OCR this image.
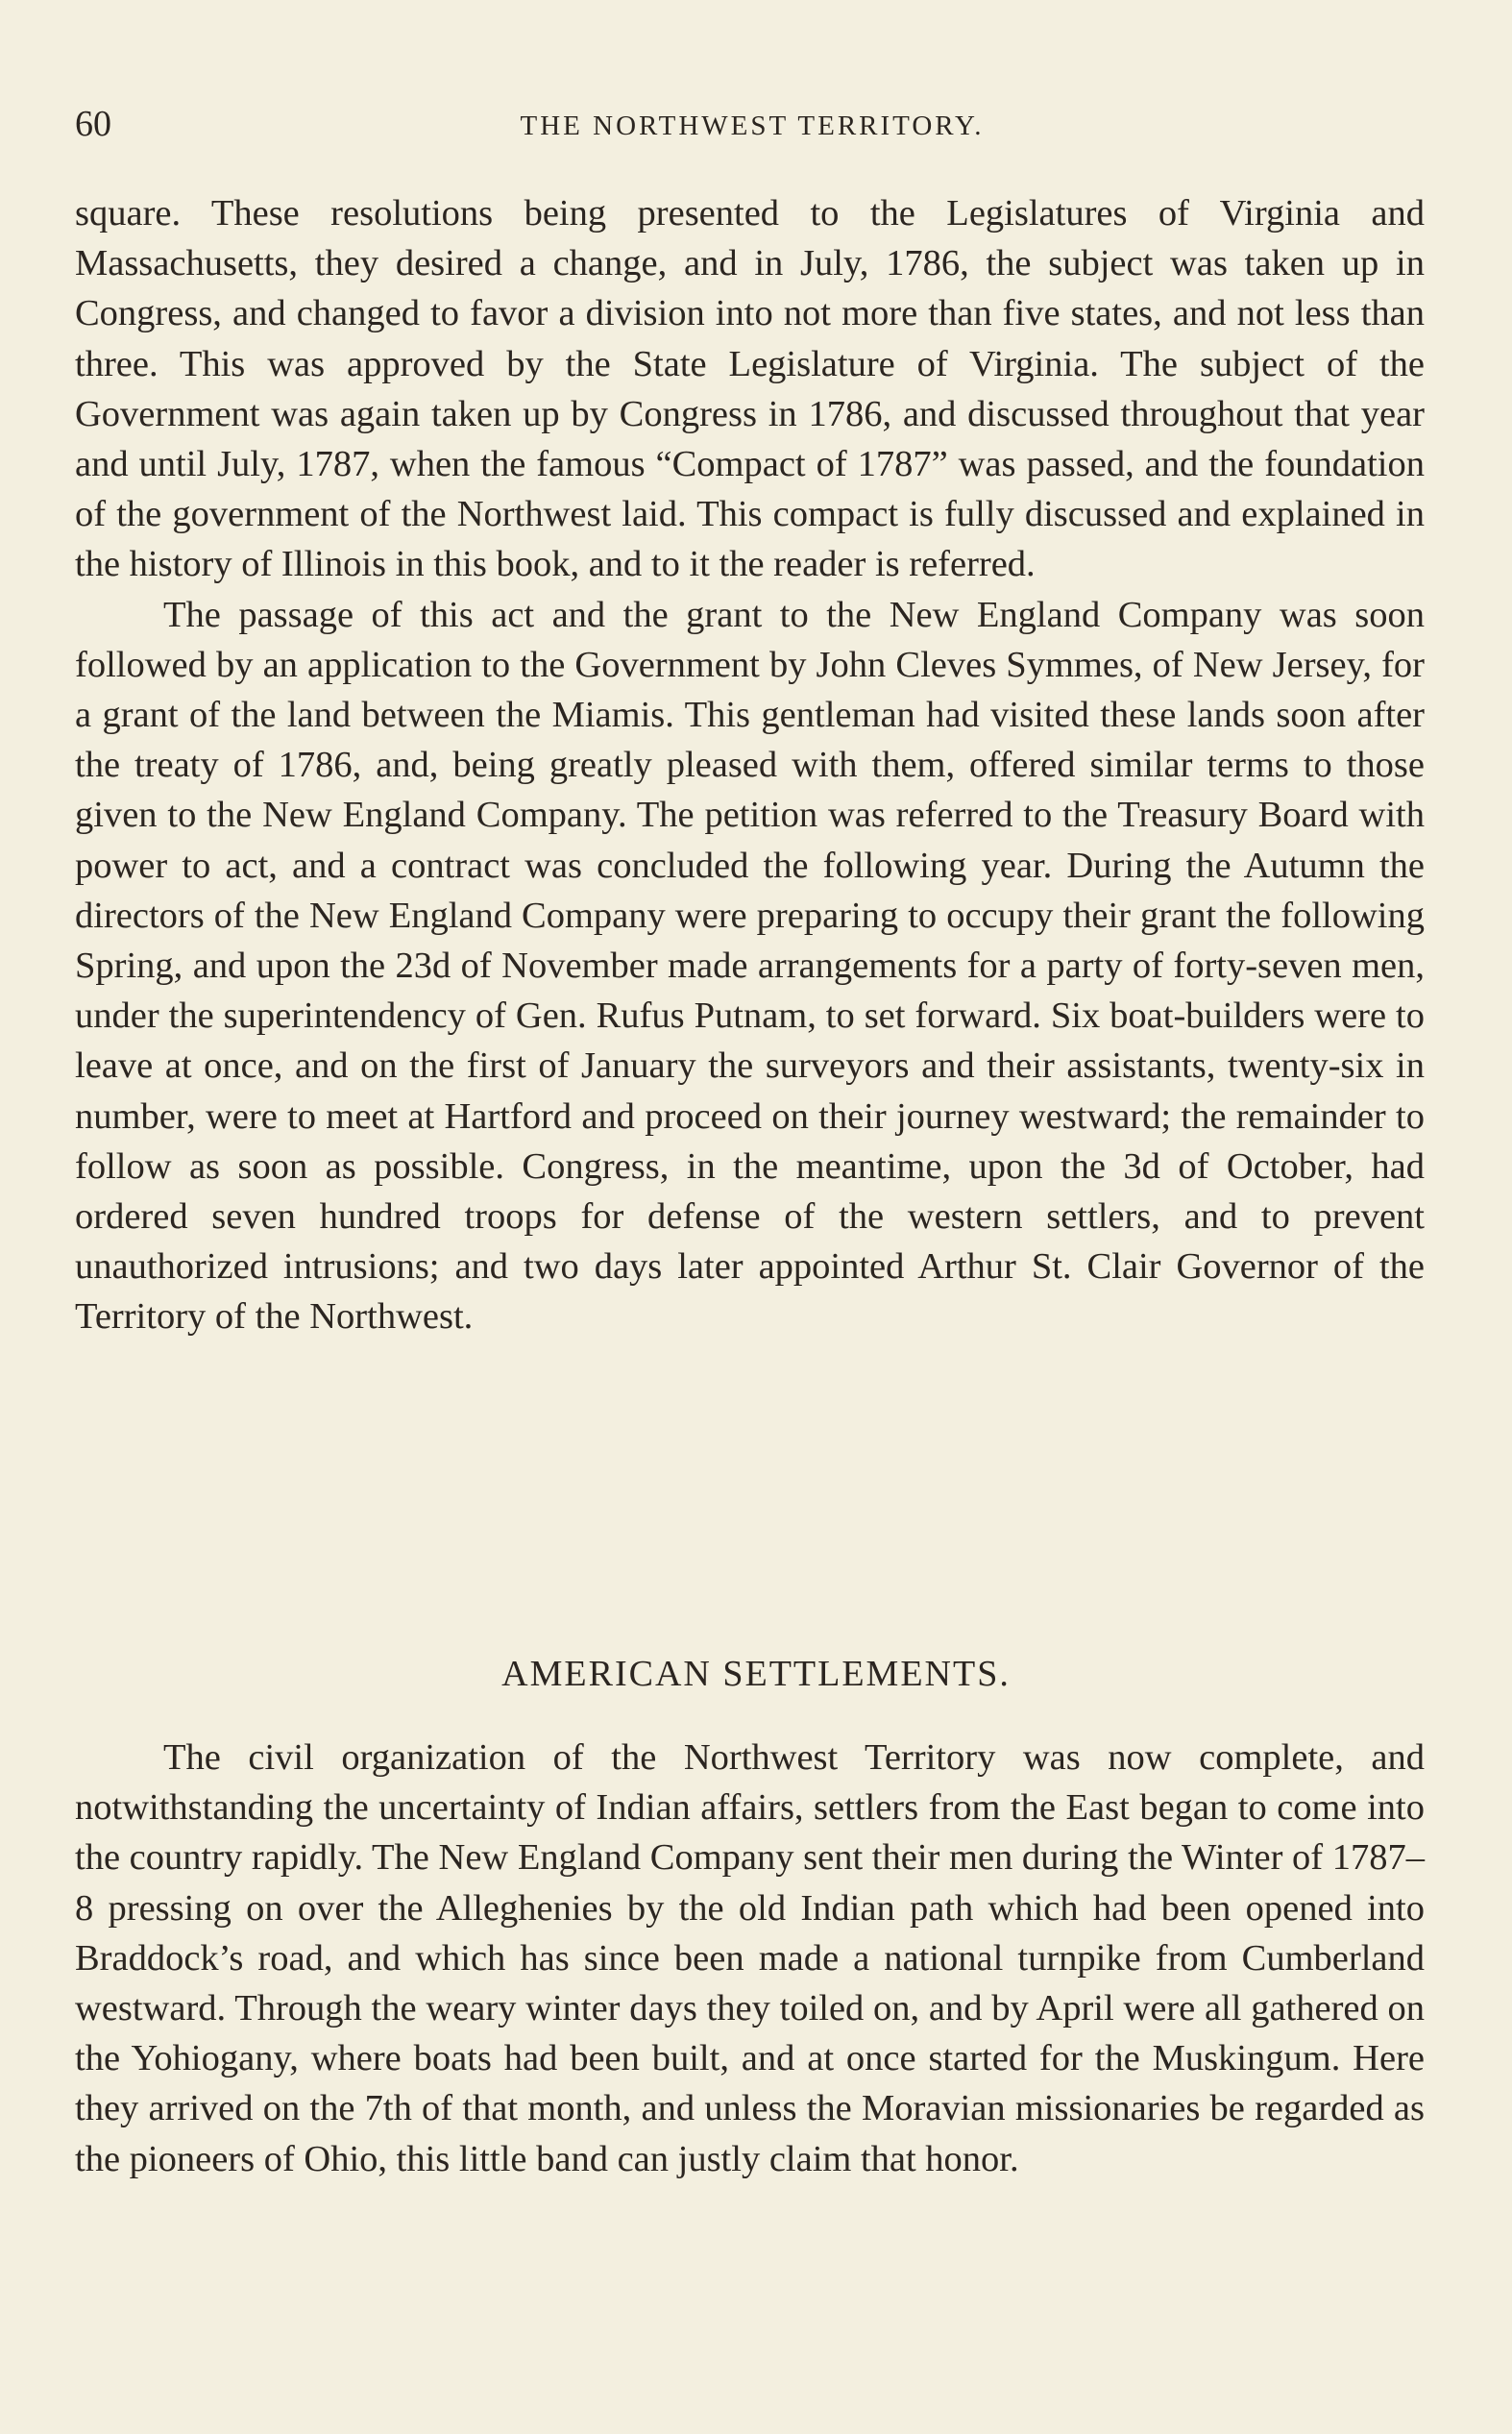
60	THE NORTHWEST TERRITORY.

square. These resolutions being presented to the Legislatures of Virginia and Massachusetts, they desired a change, and in July, 1786, the subject was taken up in Congress, and changed to favor a division into not more than five states, and not less than three. This was approved by the State Legislature of Virginia. The subject of the Government was again taken up by Congress in 1786, and discussed throughout that year and until July, 1787, when the famous “Compact of 1787” was passed, and the foundation of the government of the Northwest laid. This compact is fully discussed and explained in the history of Illinois in this book, and to it the reader is referred.

The passage of this act and the grant to the New England Company was soon followed by an application to the Government by John Cleves Symmes, of New Jersey, for a grant of the land between the Miamis. This gentleman had visited these lands soon after the treaty of 1786, and, being greatly pleased with them, offered similar terms to those given to the New England Company. The petition was referred to the Treasury Board with power to act, and a contract was concluded the following year. During the Autumn the directors of the New England Company were preparing to occupy their grant the following Spring, and upon the 23d of November made arrangements for a party of forty-seven men, under the superintendency of Gen. Rufus Putnam, to set forward. Six boat-builders were to leave at once, and on the first of January the surveyors and their assistants, twenty-six in number, were to meet at Hartford and proceed on their journey westward; the remainder to follow as soon as possible. Congress, in the meantime, upon the 3d of October, had ordered seven hundred troops for defense of the western settlers, and to prevent unauthorized intrusions; and two days later appointed Arthur St. Clair Governor of the Territory of the Northwest.

AMERICAN SETTLEMENTS.

The civil organization of the Northwest Territory was now complete, and notwithstanding the uncertainty of Indian affairs, settlers from the East began to come into the country rapidly. The New England Company sent their men during the Winter of 1787–8 pressing on over the Alleghenies by the old Indian path which had been opened into Braddock’s road, and which has since been made a national turnpike from Cumberland westward. Through the weary winter days they toiled on, and by April were all gathered on the Yohiogany, where boats had been built, and at once started for the Muskingum. Here they arrived on the 7th of that month, and unless the Moravian missionaries be regarded as the pioneers of Ohio, this little band can justly claim that honor.
